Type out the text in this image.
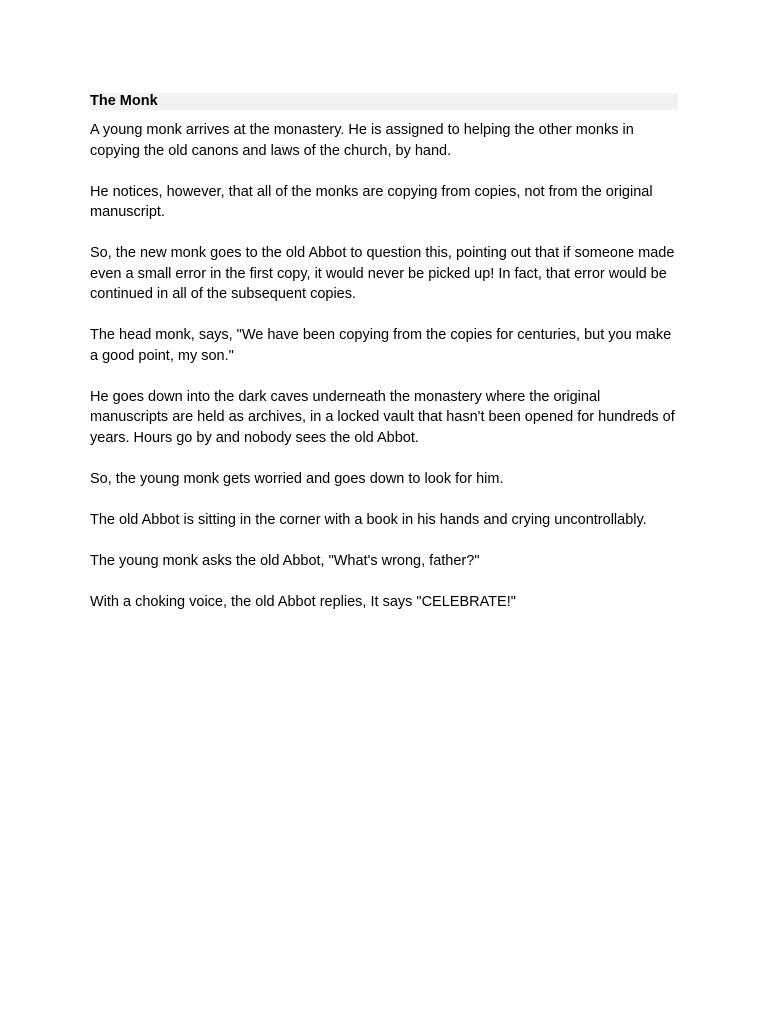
The Monk

A young monk arrives at the monastery. He is assigned to helping the other monks in copying the old canons and laws of the church, by hand.

He notices, however, that all of the monks are copying from copies, not from the original manuscript.

So, the new monk goes to the old Abbot to question this, pointing out that if someone made even a small error in the first copy, it would never be picked up! In fact, that error would be continued in all of the subsequent copies.

The head monk, says, "We have been copying from the copies for centuries, but you make a good point, my son."

He goes down into the dark caves underneath the monastery where the original manuscripts are held as archives, in a locked vault that hasn't been opened for hundreds of years. Hours go by and nobody sees the old Abbot.

So, the young monk gets worried and goes down to look for him.

The old Abbot is sitting in the corner with a book in his hands and crying uncontrollably.

The young monk asks the old Abbot, "What's wrong, father?"

With a choking voice, the old Abbot replies, It says "CELEBRATE!"
